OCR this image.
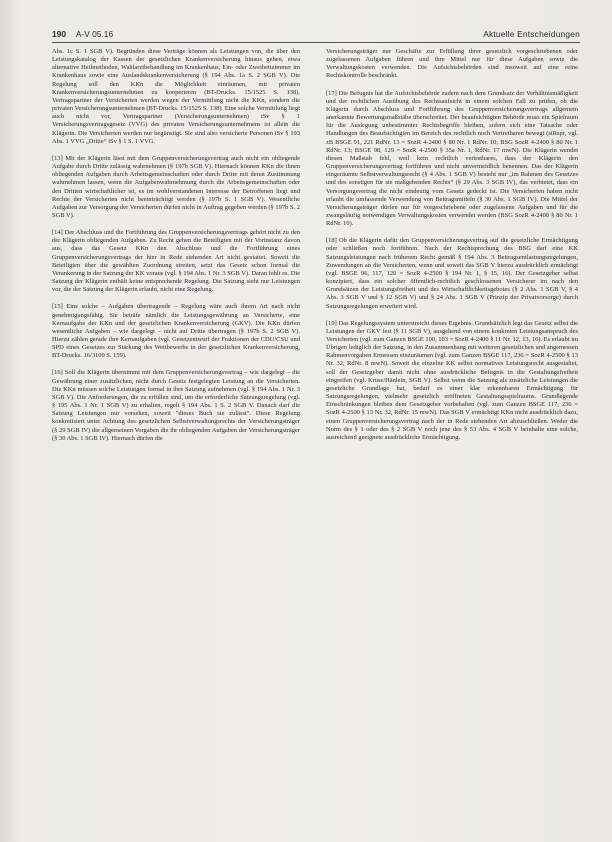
190 A-V 05.16	Aktuelle Entscheidungen

Abs. 1c S. 1 SGB V). Begründen diese Verträge können als Leistungen von, die über den Leistungskatalog der Kassen der gesetzlichen Krankenversicherung hinaus gehen, etwa alternative Heilmethoden, Wahlarztbehandlung im Krankenhaus, Ein- oder Zweibettzimmer im Krankenhaus sowie eine Auslandskrankenversicherung (§ 194 Abs. 1a S. 2 SGB V). Die Regelung soll den KKn die Möglichkeit einräumen, mit privaten Krankenversicherungsunternehmen zu kooperieren (BT-Drucks. 15/1525 S. 138). Vertragspartner der Versicherten werden wegen der Vermittlung nicht die KKn, sondern die privaten Versicherungsunternehmen (BT-Drucks. 15/1525 S. 138). Eine solche Vermittlung liegt auch nicht vor, Vertragspartner (Versicherungsunternehmen) iSv § 1 Versicherungsvertragsgesetz (VVG) des privaten Versicherungsunternehmens ist allein die Klägerin. Die Versicherten werden nur begünstigt. Sie sind also versicherte Personen iSv § 193 Abs. 1 VVG „Dritte“ iSv § 1 S. 1 VVG.

[13] Mit der Klägerin lässt mit dem Gruppenversicherungsvertrag auch nicht ein obliegende Aufgabe durch Dritte zulässig wahrnehmen (§ 197b SGB V). Hiernach können KKn die ihnen obliegenden Aufgaben durch Arbeitsgemeinschaften oder durch Dritte mit deren Zustimmung wahrnehmen lassen, wenn die Aufgabenwahrnehmung durch die Arbeitsgemeinschaften oder den Dritten wirtschaftlicher ist, es im wohlverstandenen Interesse der Betroffenen liegt und Rechte der Versicherten nicht beeinträchtigt werden (§ 197b S. 1 SGB V). Wesentliche Aufgaben zur Versorgung der Versicherten dürfen nicht in Auftrag gegeben werden (§ 197b S. 2 SGB V).

[14] Der Abschluss und die Fortführung des Gruppenversicherungsvertrags gehört nicht zu den der Klägerin obliegenden Aufgaben. Zu Recht gehen die Beteiligten mit der Vorinstanz davon aus, dass das Gesetz KKn den Abschluss und die Fortführung eines Gruppenversicherungsvertrags der hier in Rede stehenden Art nicht gestattet. Soweit die Beteiligten über die gewählten Zuordnung streiten, setzt das Gesetz schon formal die Verankerung in der Satzung der KK voraus (vgl. § 194 Abs. 1 Nr. 3 SGB V). Daran fehlt es. Die Satzung der Klägerin enthält keine entsprechende Regelung. Die Satzung sieht nur Leistungen vor, die der Satzung der Klägerin erlaubt, nicht eine Regelung.

[15] Eine solche – Aufgaben übertragende – Regelung wäre auch ihrem Art nach nicht genehmigungsfähig. Sie beträfe nämlich die Leistungsgewährung an Versicherte, eine Kernaufgabe der KKn und der gesetzlichen Krankenversicherung (GKV). Die KKn dürfen wesentliche Aufgaben – wie dargelegt – nicht auf Dritte übertragen (§ 197b S. 2 SGB V). Hierzu zählen gerade ihre Kernaufgaben (vgl. Gesetzentwurf der Fraktionen der CDU/CSU und SPD eines Gesetzes zur Stärkung des Wettbewerbs in der gesetzlichen Krankenversicherung, BT-Drucks. 16/3100 S. 159).

[16] Soll die Klägerin übernimmt mit dem Gruppenversicherungsvertrag – wie dargelegt – die Gewährung einer zusätzlichen, nicht durch Gesetz festgelegten Leistung an die Versicherten. Die KKn müssen solche Leistungen formal in ihre Satzung aufnehmen (vgl. § 194 Abs. 1 Nr. 3 SGB V). Die Anforderungen, die zu erfüllen sind, um die erforderliche Satzungsregelung (vgl. § 195 Abs. 1 Nr. 1 SGB V) zu erhalten, regelt § 194 Abs. 1 S. 2 SGB V. Danach darf die Satzung Leistungen nur vorsehen, soweit "dieses Buch sie zulässt". Diese Regelung konkretisiert unter Achtung des gesetzlichen Selbstverwaltungsrechts der Versicherungsträger (§ 29 SGB IV) die allgemeinen Vorgaben die ihr obliegenden Aufgaben der Versicherungsträger (§ 30 Abs. 1 SGB IV). Hiernach dürfen die

Versicherungsträger nur Geschäfte zur Erfüllung ihrer gesetzlich vorgeschriebenen oder zugelassenen Aufgaben führen und ihre Mittel nur für diese Aufgaben sowie die Verwaltungskosten verwenden. Die Aufsichtsbehörden sind insoweit auf eine reine Rechtskontrolle beschränkt.

[17] Die Befugnis hat die Aufsichtsbehörde zudem nach dem Grundsatz der Verhältnismäßigkeit und der rechtlichen Ausübung des Rechtsaufsicht in einem solchen Fall zu prüfen, ob die Klägerin durch Abschluss und Fortführung des Gruppenversicherungsvertrags allgemein anerkannte Bewertungsmaßstäbe überschreitet. Der beaufsichtigten Behörde muss ein Spielraum für die Auslegung unbestimmter Rechtsbegriffe bleiben, sofern sich eine Tatsache oder Handlungen des Beaufsichtigten im Bereich des rechtlich noch Vertretbaren bewegt (stRspr, vgl. zB BSGE 91, 221 RdNr. 13 = SozR 4-2400 § 80 Nr. 1 RdNr. 10; BSG SozR 4-2400 § 80 Nr. 1 RdNr. 13; BSGE 98, 129 = SozR 4-2500 § 35a Nr. 1, RdNr. 17 mwN). Die Klägerin wendet diesen Maßstab fehl, weil kein rechtlich vertretbares, dass der Klägerin den Gruppenversicherungsvertrag fortführen und nicht unvermeidlich benennen. Das der Klägerin eingeräumte Selbstverwaltungsrecht (§ 4 Abs. 1 SGB V) besteht nur „im Rahmen des Gesetzes und des sonstigen für sie maßgebenden Rechts“ (§ 29 Abs. 3 SGB IV), das verbietet, dass ein Versorgungsvertrag die nicht eindeutig vom Gesetz gedeckt ist. Die Versicherten haben nicht erlaubt die umfassende Verwendung von Beitragsmitteln (§ 30 Abs. 1 SGB IV). Die Mittel der Versicherungsträger dürfen nur für vorgeschriebene oder zugelassene Aufgaben und für die zwangsläufig notwendigen Verwaltungskosten verwendet werden (BSG SozR 4-2400 § 80 Nr. 1 RdNr. 10).

[18] Ob die Klägerin dafür den Gruppenversicherungsvertrag auf die gesetzliche Ermächtigung oder schließen noch fortführen. Nach der Rechtsprechung des BSG darf eine KK Satzungsleistungen nach früherem Recht gemäß § 194 Abs. 3 Beitragsentlastungsregelungen, Zuwendungen an die Versicherten, wenn und soweit das SGB V hierzu ausdrücklich ermächtigt (vgl. BSGE 96, 117, 120 = SozR 4-2500 § 194 Nr. 1, § 15, 16). Der Gesetzgeber selbst konzipiert, dass ein solcher öffentlich-rechtlich geschlossenen Versicherer im nach den Grundsätzen der Leistungsfreiheit und des Wirtschaftlichkeitsgebotes (§ 2 Abs. 1 SGB V, § 4 Abs. 3 SGB V und § 12 SGB V) und § 24 Abs. 1 SGB V (Prinzip der Privatvorsorge) durch Satzungsregelungen erweitert wird.

[19] Das Regelungssystem unterstreicht dieses Ergebnis. Grundsätzlich legt das Gesetz selbst die Leistungen der GKV fest (§ 11 SGB V), ausgehend von einem konkreten Leistungsanspruch des Versicherten (vgl. zum Ganzen BSGE 100, 103 = SozR 4-2400 § 11 Nr. 12, 13, 16). Es erlaubt im Übrigen lediglich der Satzung, in den Zusammenhang mit weiteren gesetzlichen und angemessen Rahmenvorgaben Ermessen einzuräumen (vgl. zum Ganzen BSGE 117, 236 = SozR 4-2500 § 13 Nr. 32, RdNr. 8 mwN). Soweit die einzelne KK selbst normatives Leistungsrecht ausgestaltet, soll der Gesetzgeber damit nicht ohne ausdrückliche Befugnis in die Gestaltungsfreiheit eingreifen (vgl. Kruse/Hänlein, SGB V). Selbst wenn die Satzung als zusätzliche Leistungen die gesetzliche Grundlage hat, bedarf es einer klar erkennbaren Ermächtigung für Satzungsregelungen, vielmehr gesetzlich eröffneten Gestaltungsspielraums. Grundlegende Einschränkungen bleiben dem Gesetzgeber vorbehalten (vgl. zum Ganzen BSGE 117, 236 = SozR 4-2500 § 13 Nr. 32, RdNr. 15 mwN). Das SGB V ermächtigt KKn nicht ausdrücklich dazu, einen Gruppenversicherungsvertrag nach der in Rede stehenden Art abzuschließen. Weder die Norm des § 1 oder des § 2 SGB V noch jene des § 53 Abs. 4 SGB V beinhalte eine solche, ausreichend geeignete ausdrückliche Ermächtigung.
